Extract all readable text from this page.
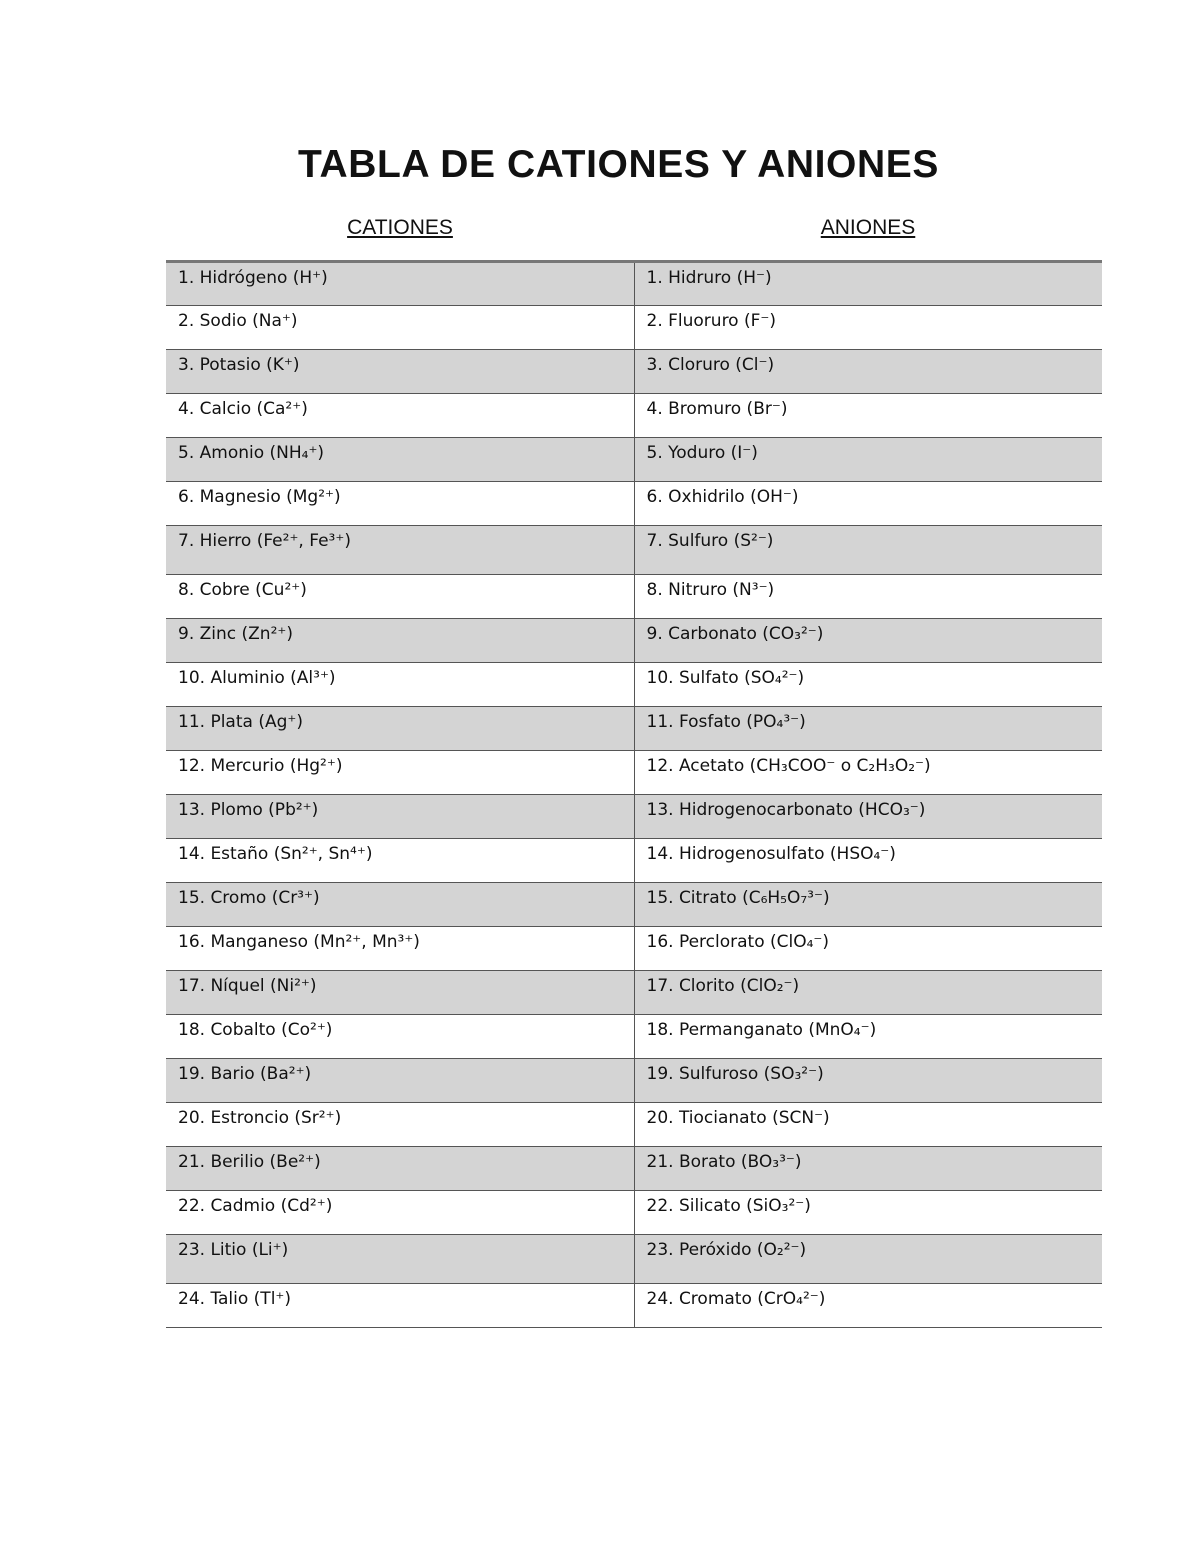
TABLA DE CATIONES Y ANIONES
CATIONES	ANIONES
1. Hidrógeno (H⁺)	1. Hidruro (H⁻)
2. Sodio (Na⁺)	2. Fluoruro (F⁻)
3. Potasio (K⁺)	3. Cloruro (Cl⁻)
4. Calcio (Ca²⁺)	4. Bromuro (Br⁻)
5. Amonio (NH₄⁺)	5. Yoduro (I⁻)
6. Magnesio (Mg²⁺)	6. Oxhidrilo (OH⁻)
7. Hierro (Fe²⁺, Fe³⁺)	7. Sulfuro (S²⁻)
8. Cobre (Cu²⁺)	8. Nitruro (N³⁻)
9. Zinc (Zn²⁺)	9. Carbonato (CO₃²⁻)
10. Aluminio (Al³⁺)	10. Sulfato (SO₄²⁻)
11. Plata (Ag⁺)	11. Fosfato (PO₄³⁻)
12. Mercurio (Hg²⁺)	12. Acetato (CH₃COO⁻ o C₂H₃O₂⁻)
13. Plomo (Pb²⁺)	13. Hidrogenocarbonato (HCO₃⁻)
14. Estaño (Sn²⁺, Sn⁴⁺)	14. Hidrogenosulfato (HSO₄⁻)
15. Cromo (Cr³⁺)	15. Citrato (C₆H₅O₇³⁻)
16. Manganeso (Mn²⁺, Mn³⁺)	16. Perclorato (ClO₄⁻)
17. Níquel (Ni²⁺)	17. Clorito (ClO₂⁻)
18. Cobalto (Co²⁺)	18. Permanganato (MnO₄⁻)
19. Bario (Ba²⁺)	19. Sulfuroso (SO₃²⁻)
20. Estroncio (Sr²⁺)	20. Tiocianato (SCN⁻)
21. Berilio (Be²⁺)	21. Borato (BO₃³⁻)
22. Cadmio (Cd²⁺)	22. Silicato (SiO₃²⁻)
23. Litio (Li⁺)	23. Peróxido (O₂²⁻)
24. Talio (Tl⁺)	24. Cromato (CrO₄²⁻)
